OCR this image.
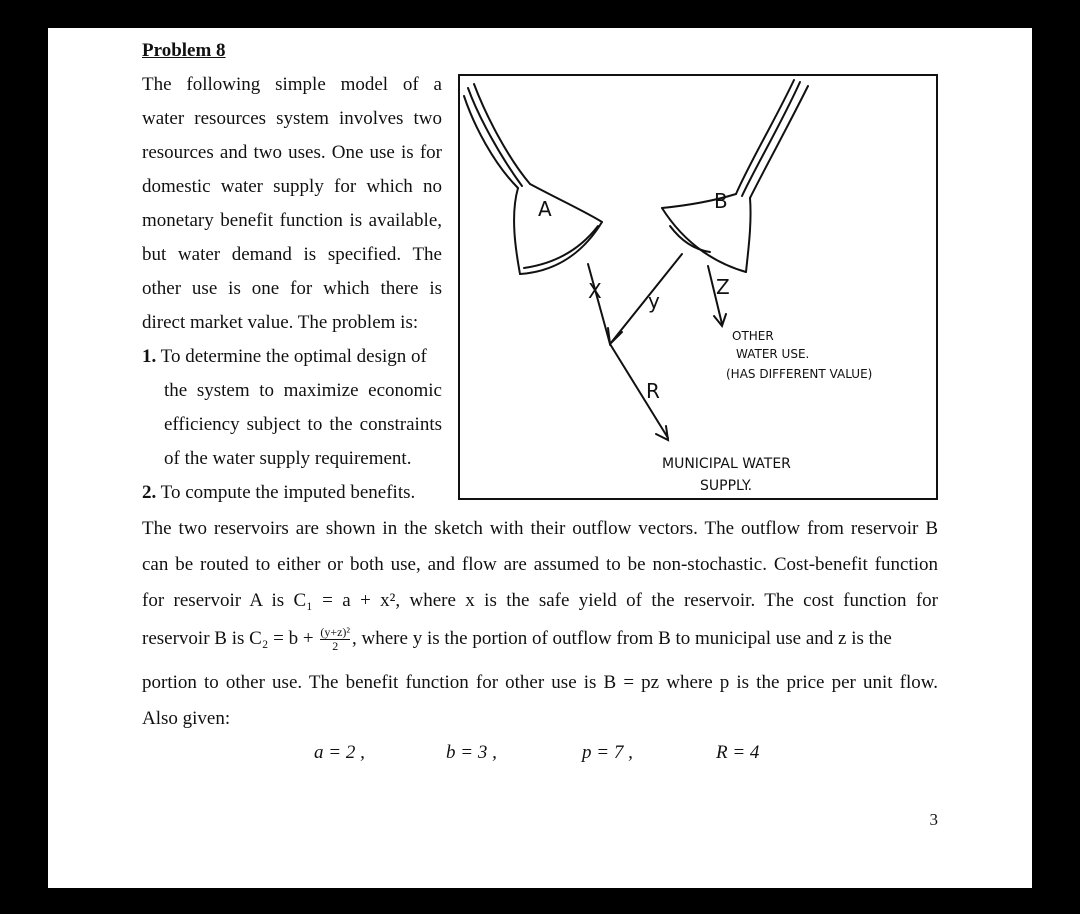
Problem 8
The following simple model of a
water resources system involves two
resources and two uses. One use is for
domestic water supply for which no
monetary benefit function is available,
but water demand is specified. The
other use is one for which there is
direct market value. The problem is:
1. To determine the optimal design of
the system to maximize economic
efficiency subject to the constraints
of the water supply requirement.
2. To compute the imputed benefits.
A	B
X y
Z
R
OTHER
WATER USE.
(HAS DIFFERENT VALUE)
MUNICIPAL WATER
SUPPLY.
The two reservoirs are shown in the sketch with their outflow vectors. The outflow from reservoir B
can be routed to either or both use, and flow are assumed to be non-stochastic. Cost-benefit function
for reservoir A is C₁ = a + x², where x is the safe yield of the reservoir. The cost function for
reservoir B is $C_2 = b + \frac{\text{(y+z)²}}{2}$ , where y is the portion of outflow from B to municipal use and z is the
portion to other use. The benefit function for other use is B = pz where p is the price per unit flow.
Also given:
a = 2 ,	b = 3 ,	p = 7 ,	R = 4
3
